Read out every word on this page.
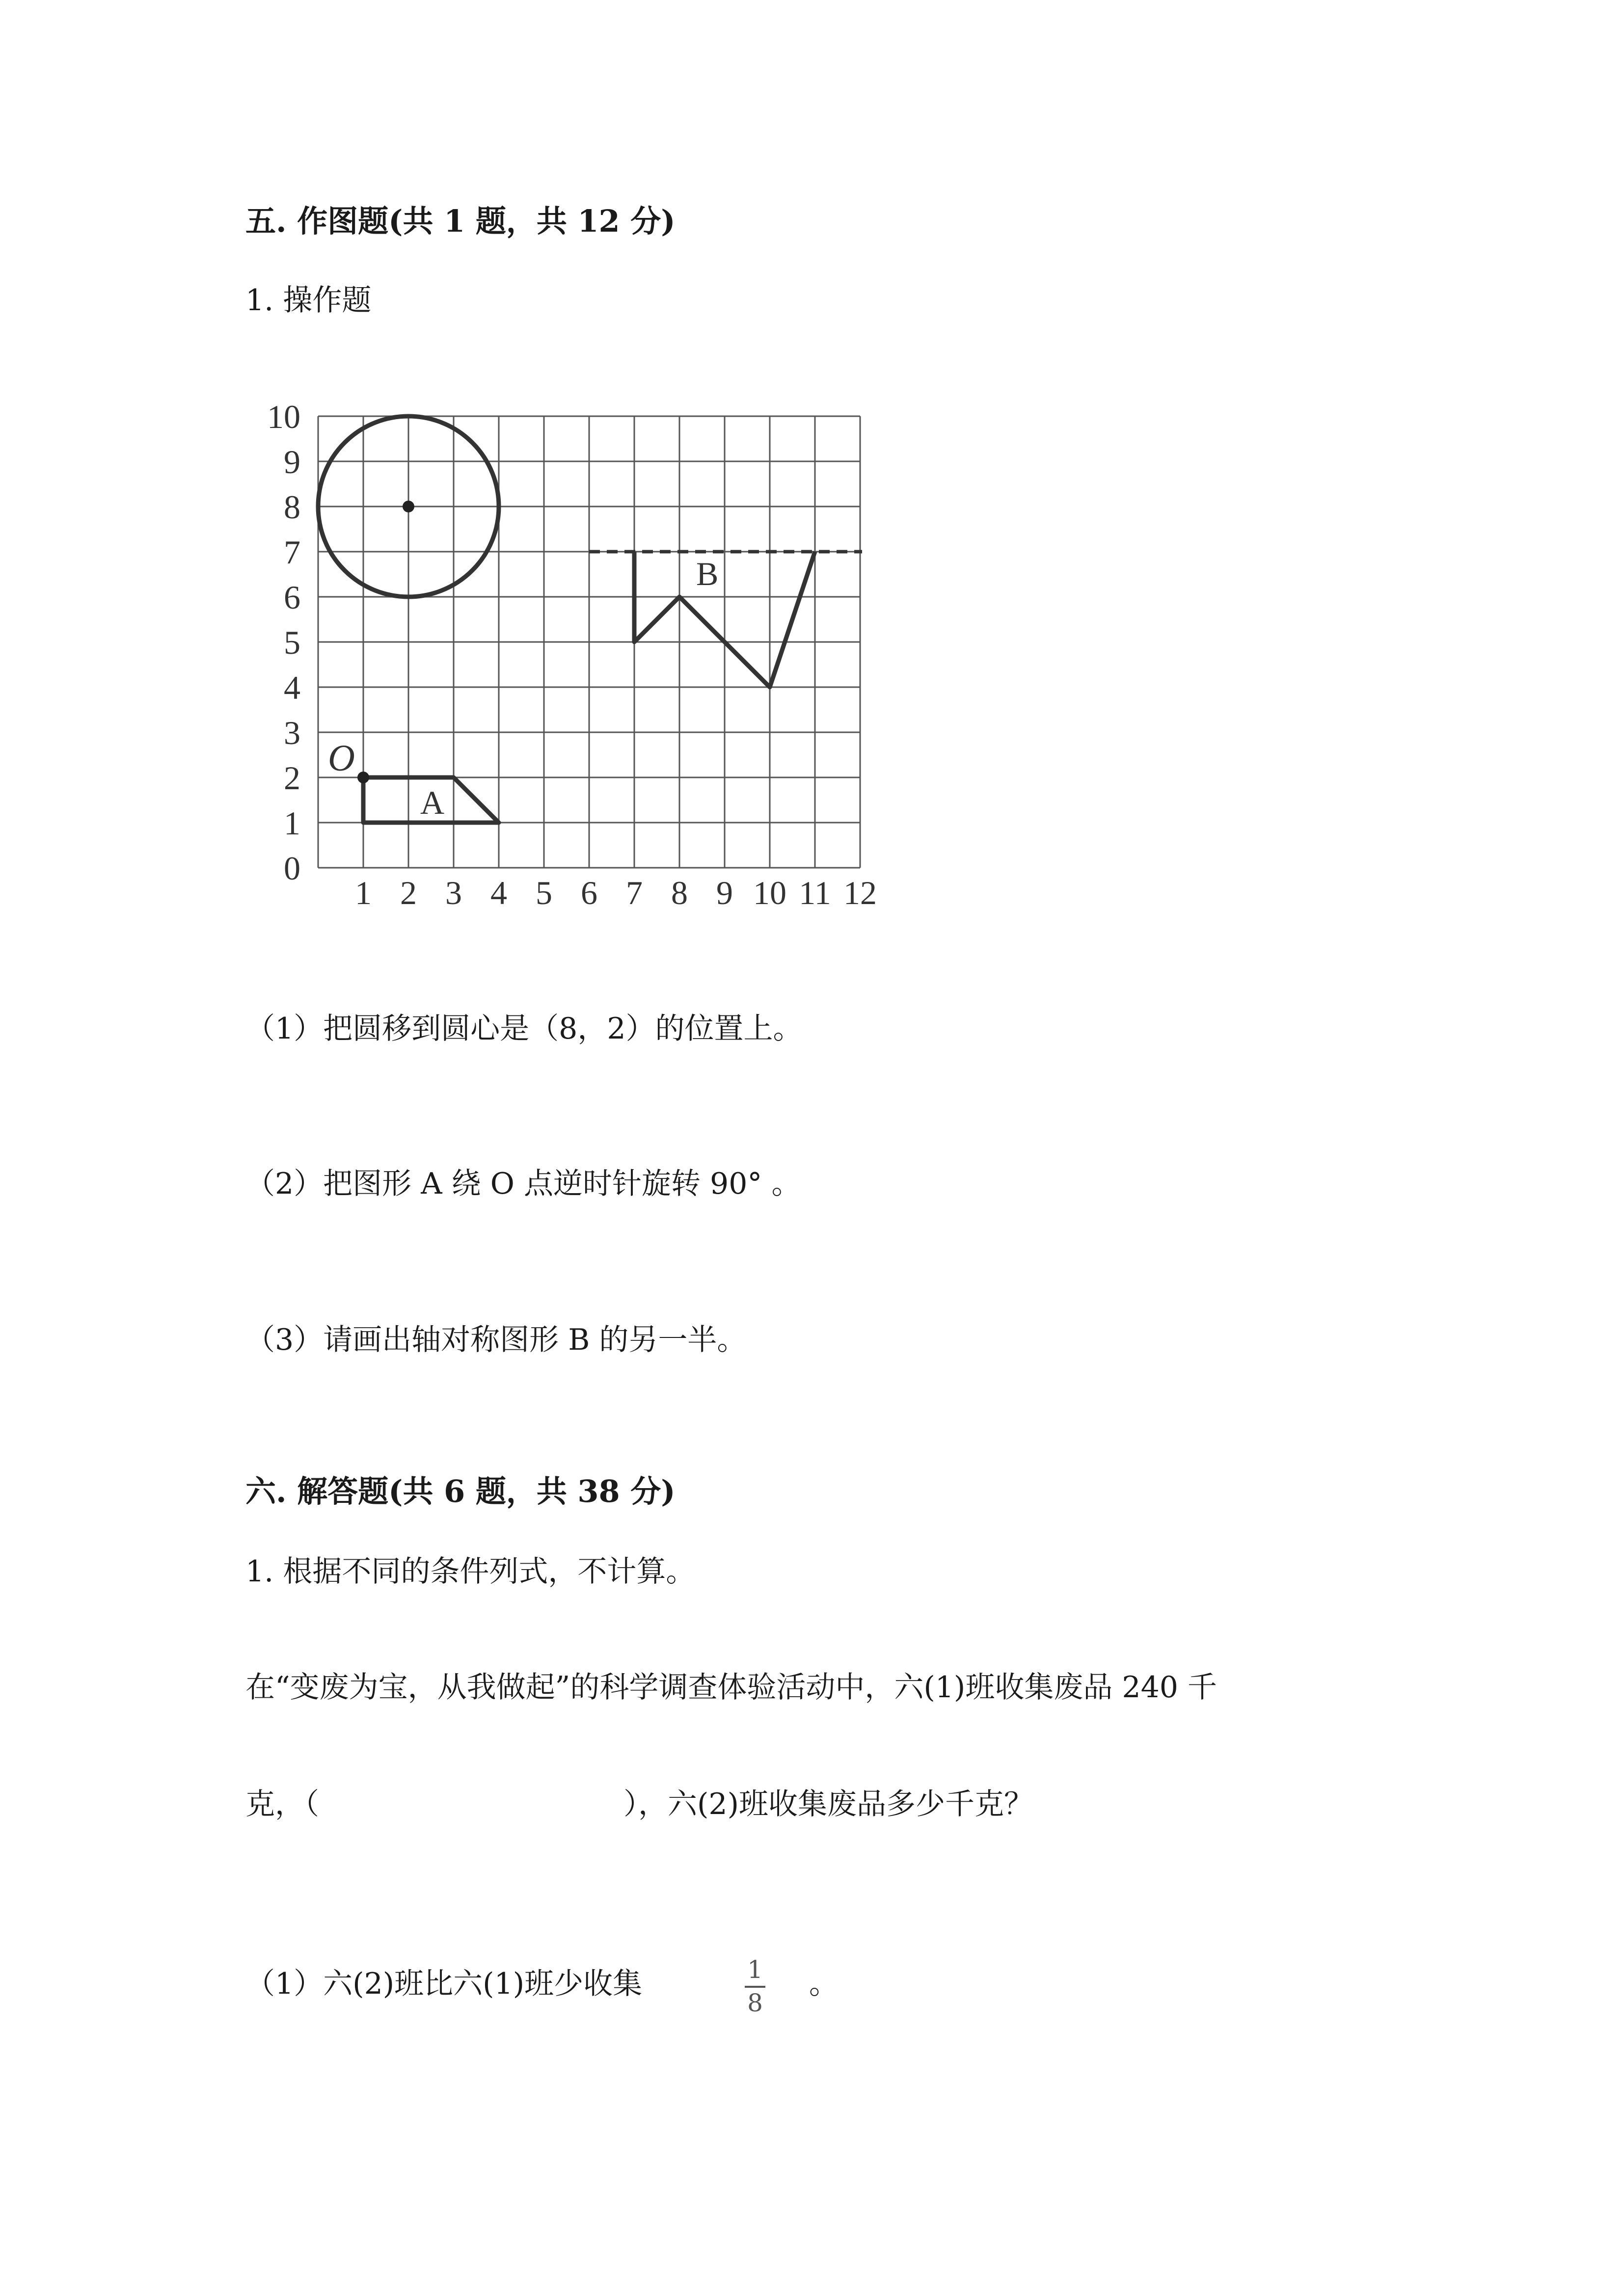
五. 作图题(共 1 题，共 12 分)
1. 操作题
0
1
2
3
4
5
6
7
8
9
10
1 2 3 4 5 6 7 8 9 10 11 12
O
A
B
（1）把圆移到圆心是（8，2）的位置上。
（2）把图形 A 绕 O 点逆时针旋转 90° 。
（3）请画出轴对称图形 B 的另一半。
六. 解答题(共 6 题，共 38 分)
1. 根据不同的条件列式，不计算。
在“变废为宝，从我做起”的科学调查体验活动中，六(1)班收集废品 240 千
克，（	），六(2)班收集废品多少千克？
（1）六(2)班比六(1)班少收集	1
8
。
